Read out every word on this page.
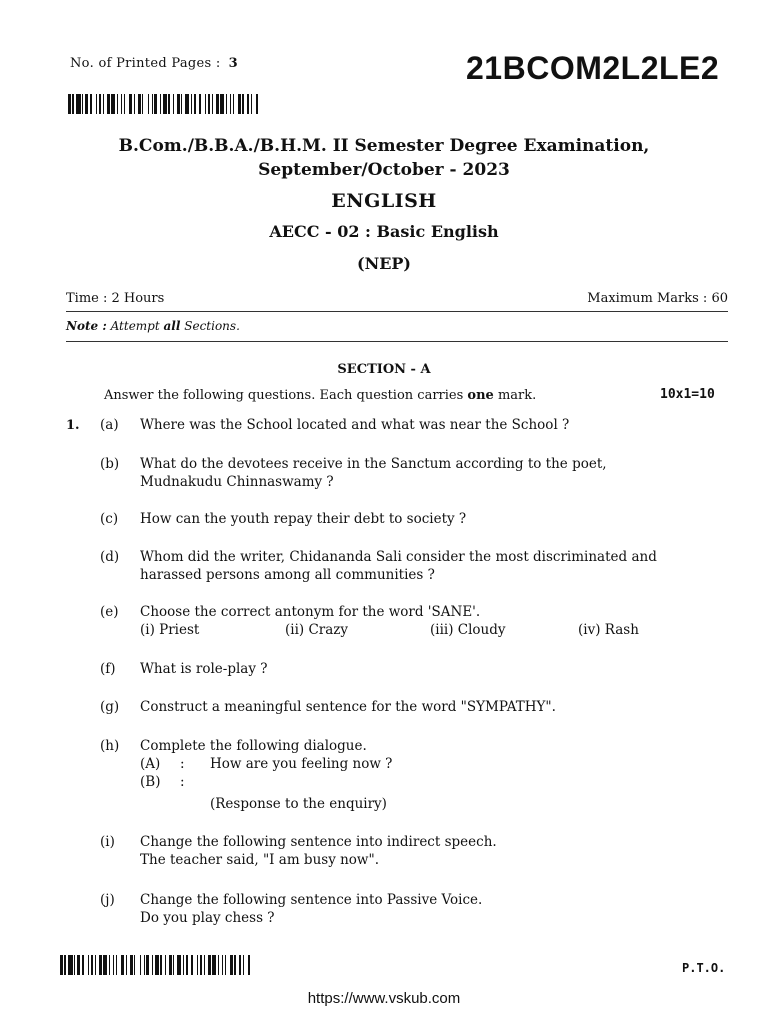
No. of Printed Pages : 3	21BCOM2L2LE2
B.Com./B.B.A./B.H.M. II Semester Degree Examination,
September/October - 2023
ENGLISH
AECC - 02 : Basic English
(NEP)
Time : 2 Hours	Maximum Marks : 60
Note : Attempt all Sections.
SECTION - A
Answer the following questions. Each question carries one mark.	10x1=10
1. (a)	Where was the School located and what was near the School ?
(b)	What do the devotees receive in the Sanctum according to the poet,
Mudnakudu Chinnaswamy ?
(c)	How can the youth repay their debt to society ?
(d)	Whom did the writer, Chidananda Sali consider the most discriminated and
harassed persons among all communities ?
(e)	Choose the correct antonym for the word 'SANE'.
(i) Priest	(ii) Crazy	(iii) Cloudy	(iv) Rash
(f)	What is role-play ?
(g)	Construct a meaningful sentence for the word "SYMPATHY".
(h)	Complete the following dialogue.
(A)	:	How are you feeling now ?
(B)	:
(Response to the enquiry)
(i)	Change the following sentence into indirect speech.
The teacher said, "I am busy now".
(j)	Change the following sentence into Passive Voice.
Do you play chess ?
P.T.O.
https://www.vskub.com
